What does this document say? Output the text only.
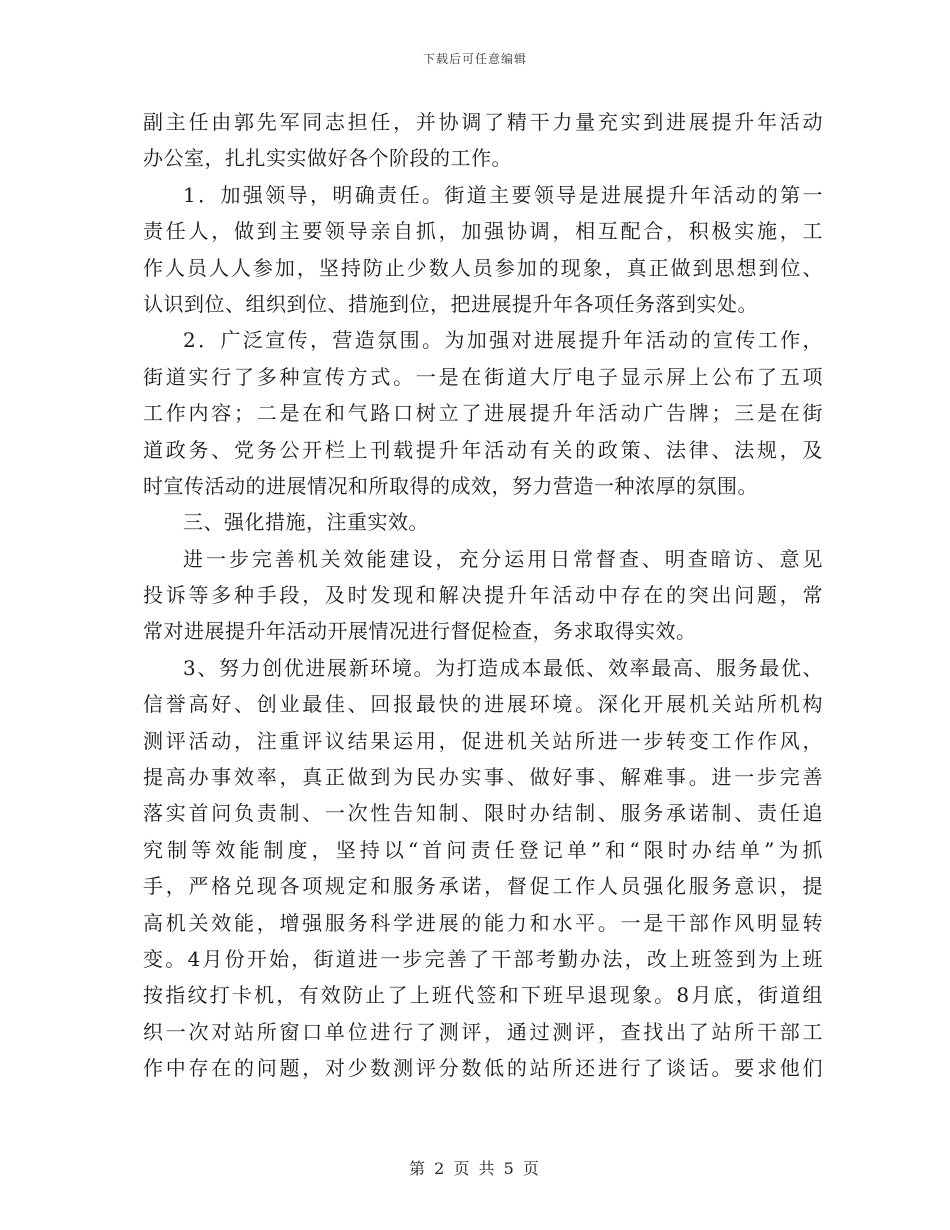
下载后可任意编辑
副主任由郭先军同志担任，并协调了精干力量充实到进展提升年活动
办公室，扎扎实实做好各个阶段的工作。
1．加强领导，明确责任。街道主要领导是进展提升年活动的第一
责任人，做到主要领导亲自抓，加强协调，相互配合，积极实施，工
作人员人人参加，坚持防止少数人员参加的现象，真正做到思想到位、
认识到位、组织到位、措施到位，把进展提升年各项任务落到实处。
2．广泛宣传，营造氛围。为加强对进展提升年活动的宣传工作，
街道实行了多种宣传方式。一是在街道大厅电子显示屏上公布了五项
工作内容；二是在和气路口树立了进展提升年活动广告牌；三是在街
道政务、党务公开栏上刊载提升年活动有关的政策、法律、法规，及
时宣传活动的进展情况和所取得的成效，努力营造一种浓厚的氛围。
三、强化措施，注重实效。
进一步完善机关效能建设，充分运用日常督查、明查暗访、意见
投诉等多种手段，及时发现和解决提升年活动中存在的突出问题，常
常对进展提升年活动开展情况进行督促检查，务求取得实效。
3、努力创优进展新环境。为打造成本最低、效率最高、服务最优、
信誉高好、创业最佳、回报最快的进展环境。深化开展机关站所机构
测评活动，注重评议结果运用，促进机关站所进一步转变工作作风，
提高办事效率，真正做到为民办实事、做好事、解难事。进一步完善
落实首问负责制、一次性告知制、限时办结制、服务承诺制、责任追
究制等效能制度，坚持以“首问责任登记单”和“限时办结单”为抓
手，严格兑现各项规定和服务承诺，督促工作人员强化服务意识，提
高机关效能，增强服务科学进展的能力和水平。一是干部作风明显转
变。4月份开始，街道进一步完善了干部考勤办法，改上班签到为上班
按指纹打卡机，有效防止了上班代签和下班早退现象。8月底，街道组
织一次对站所窗口单位进行了测评，通过测评，查找出了站所干部工
作中存在的问题，对少数测评分数低的站所还进行了谈话。要求他们
第 2 页 共 5 页
